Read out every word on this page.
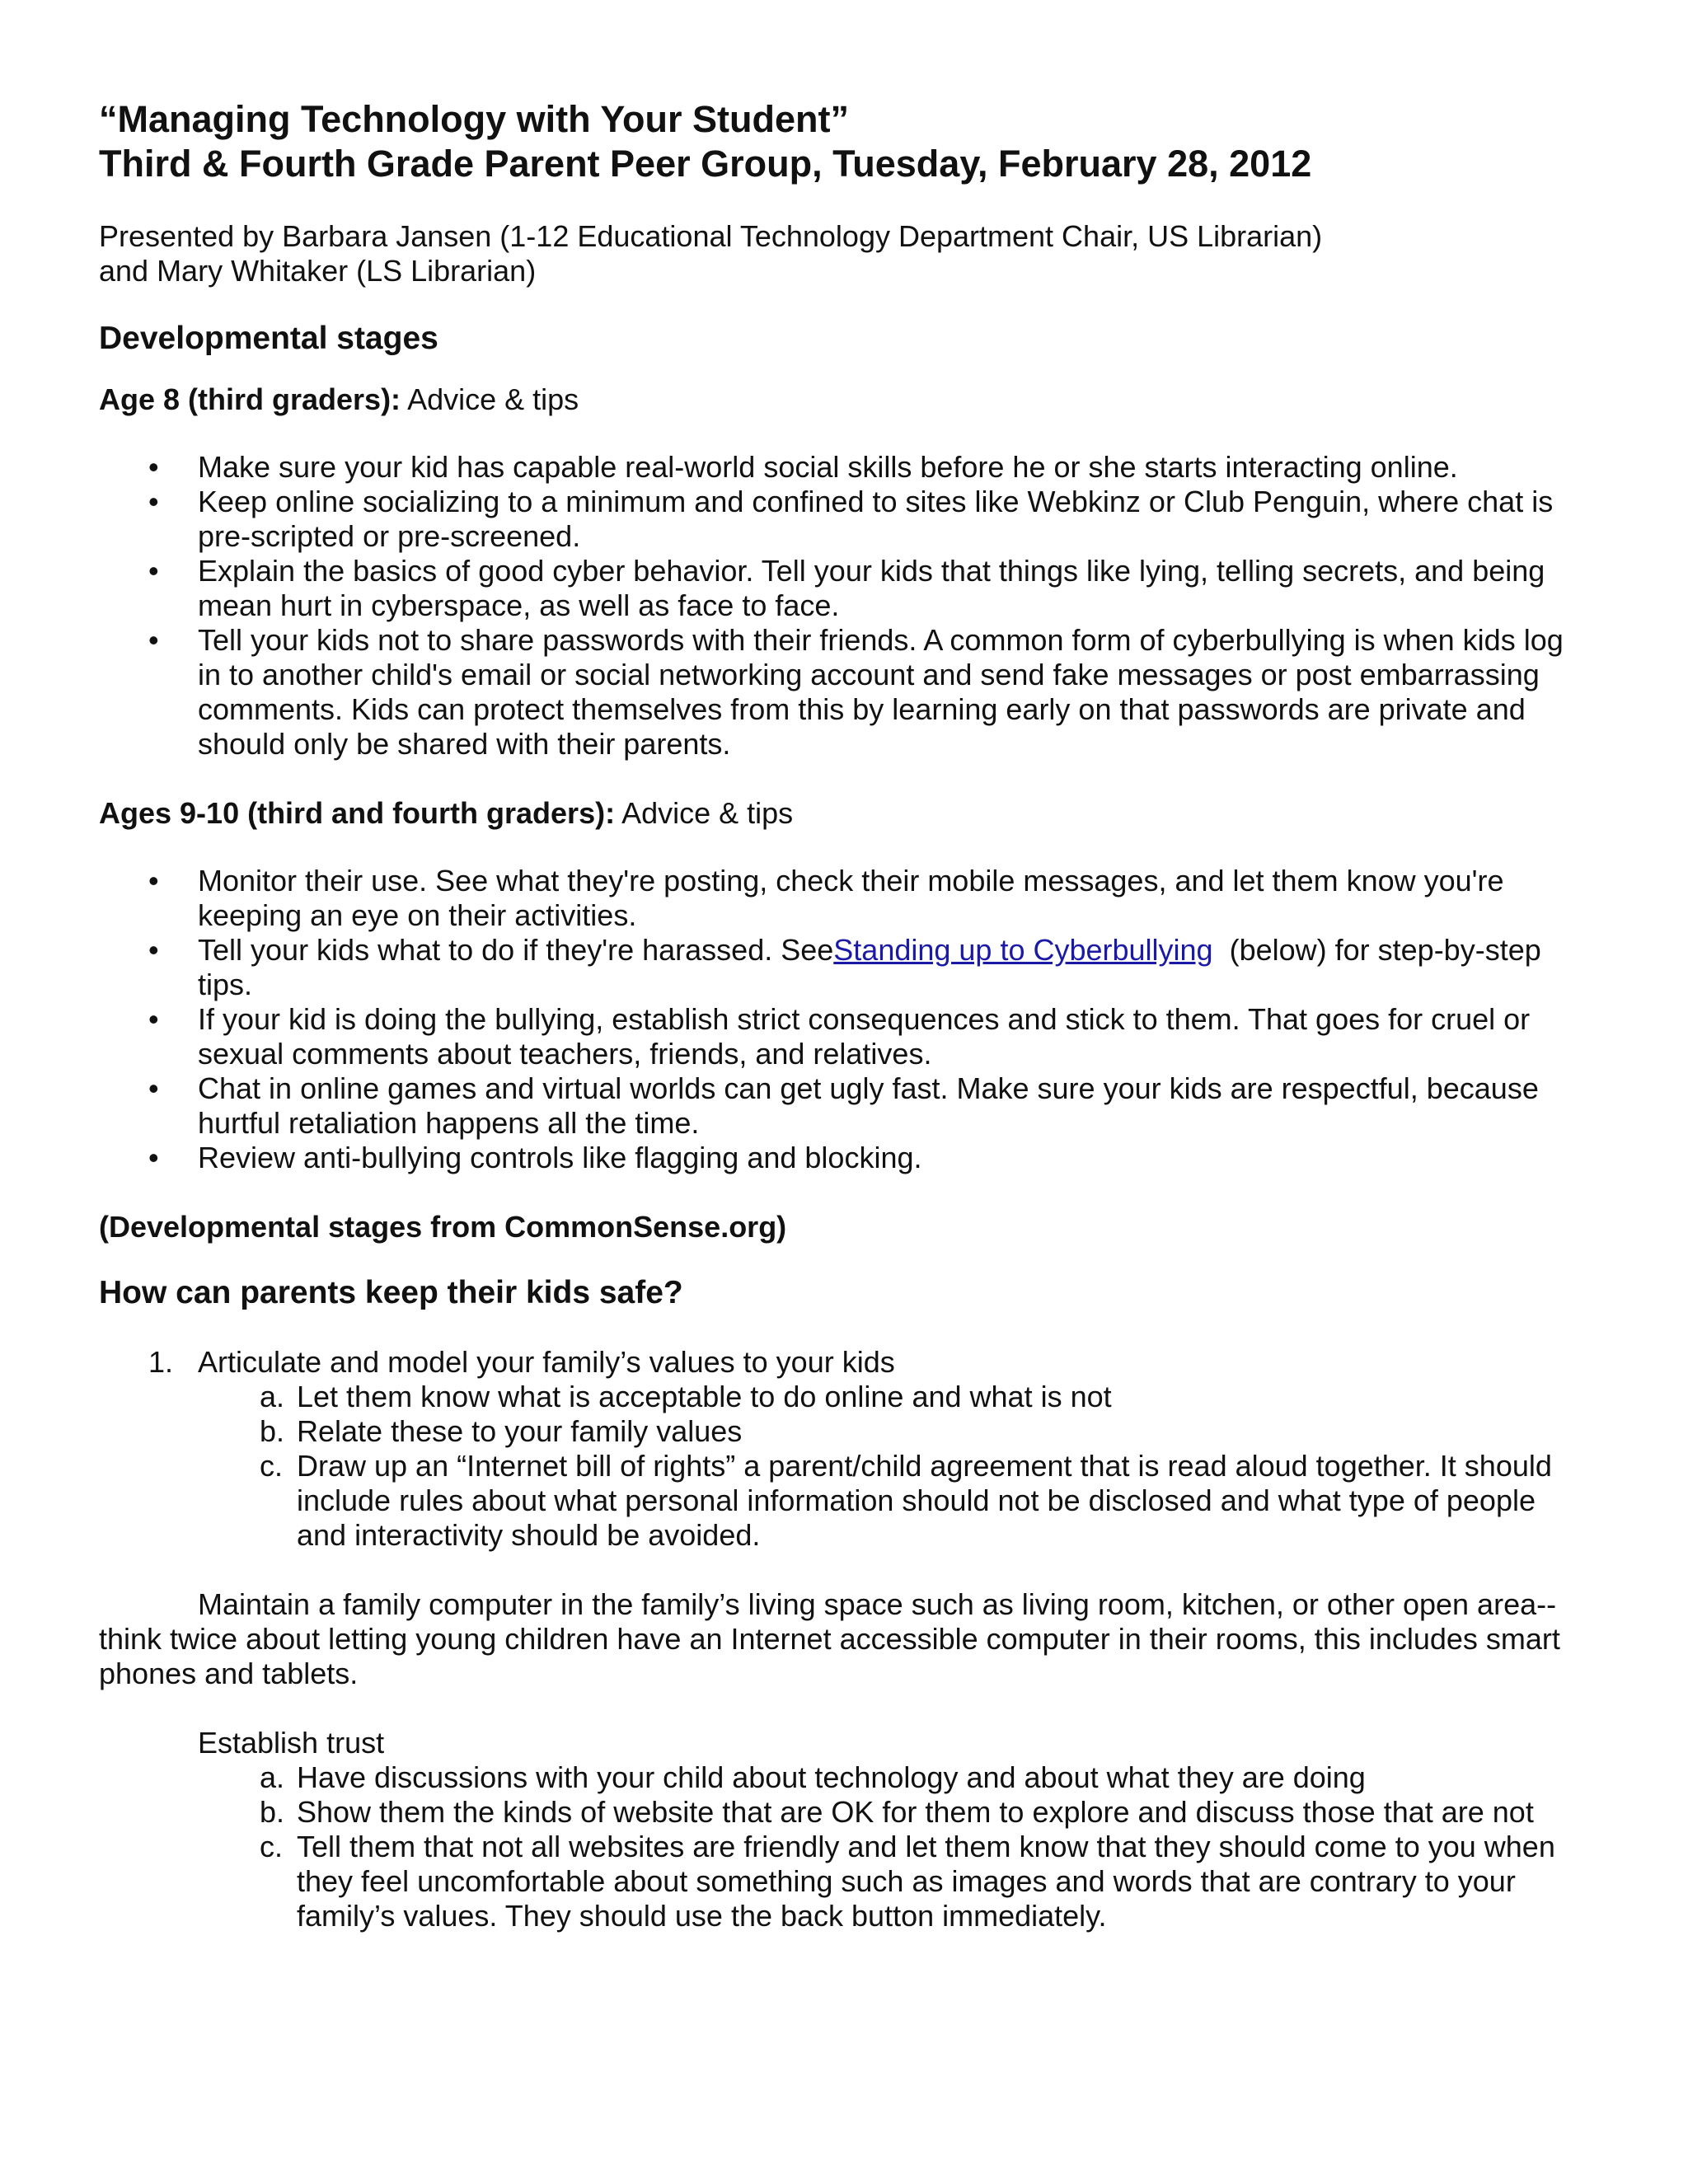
“Managing Technology with Your Student”
Third & Fourth Grade Parent Peer Group, Tuesday, February 28, 2012

Presented by Barbara Jansen (1-12 Educational Technology Department Chair, US Librarian)
and Mary Whitaker (LS Librarian)

Developmental stages

Age 8 (third graders): Advice & tips

• Make sure your kid has capable real-world social skills before he or she starts interacting online.
• Keep online socializing to a minimum and confined to sites like Webkinz or Club Penguin, where chat is pre-scripted or pre-screened.
• Explain the basics of good cyber behavior. Tell your kids that things like lying, telling secrets, and being mean hurt in cyberspace, as well as face to face.
• Tell your kids not to share passwords with their friends. A common form of cyberbullying is when kids log in to another child's email or social networking account and send fake messages or post embarrassing comments. Kids can protect themselves from this by learning early on that passwords are private and should only be shared with their parents.

Ages 9-10 (third and fourth graders): Advice & tips

• Monitor their use. See what they're posting, check their mobile messages, and let them know you're keeping an eye on their activities.
• Tell your kids what to do if they're harassed. SeeStanding up to Cyberbullying  (below) for step-by-step tips.
• If your kid is doing the bullying, establish strict consequences and stick to them. That goes for cruel or sexual comments about teachers, friends, and relatives.
• Chat in online games and virtual worlds can get ugly fast. Make sure your kids are respectful, because hurtful retaliation happens all the time.
• Review anti-bullying controls like flagging and blocking.

(Developmental stages from CommonSense.org)

How can parents keep their kids safe?
1. Articulate and model your family’s values to your kids
a. Let them know what is acceptable to do online and what is not
b. Relate these to your family values
c. Draw up an “Internet bill of rights” a parent/child agreement that is read aloud together. It should include rules about what personal information should not be disclosed and what type of people and interactivity should be avoided.

Maintain a family computer in the family’s living space such as living room, kitchen, or other open area--think twice about letting young children have an Internet accessible computer in their rooms, this includes smart phones and tablets.

Establish trust

a. Have discussions with your child about technology and about what they are doing
b. Show them the kinds of website that are OK for them to explore and discuss those that are not
c. Tell them that not all websites are friendly and let them know that they should come to you when they feel uncomfortable about something such as images and words that are contrary to your family’s values. They should use the back button immediately.
